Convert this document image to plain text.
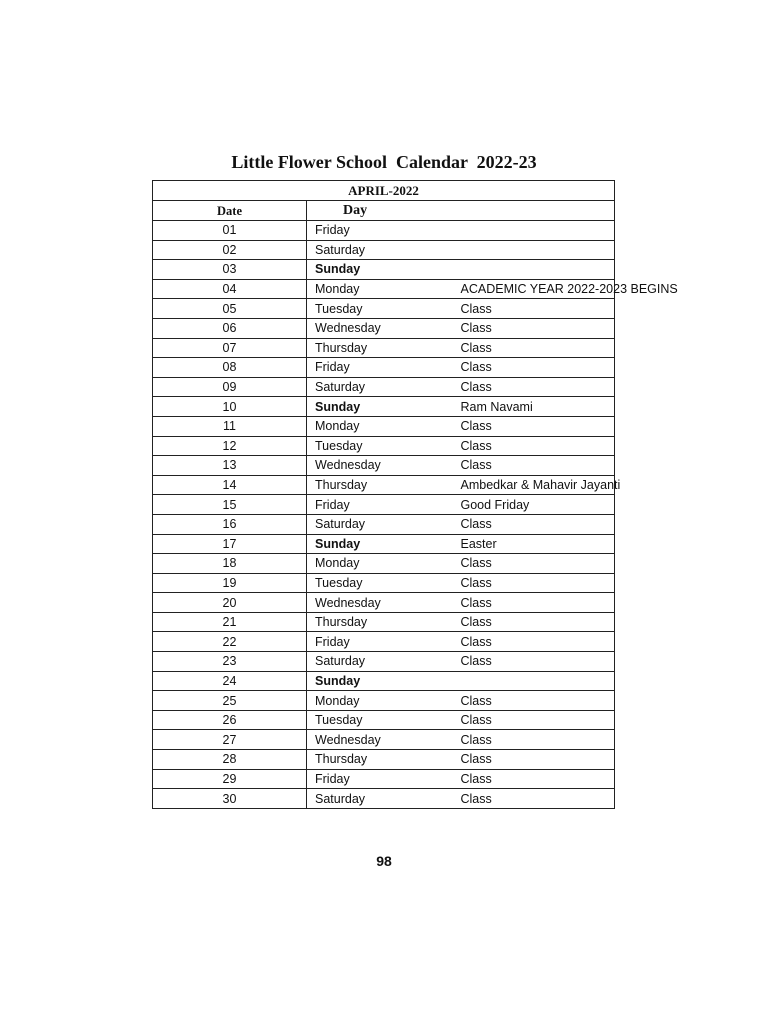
Little Flower School  Calendar  2022-23
APRIL-2022		
Date	Day	
01	Friday	
02	Saturday	
03	Sunday	
04	Monday	ACADEMIC YEAR 2022-2023 BEGINS
05	Tuesday	Class
06	Wednesday	Class
07	Thursday	Class
08	Friday	Class
09	Saturday	Class
10	Sunday	Ram Navami
11	Monday	Class
12	Tuesday	Class
13	Wednesday	Class
14	Thursday	Ambedkar & Mahavir Jayanti
15	Friday	Good Friday
16	Saturday	Class
17	Sunday	Easter
18	Monday	Class
19	Tuesday	Class
20	Wednesday	Class
21	Thursday	Class
22	Friday	Class
23	Saturday	Class
24	Sunday	
25	Monday	Class
26	Tuesday	Class
27	Wednesday	Class
28	Thursday	Class
29	Friday	Class
30	Saturday	Class
98
